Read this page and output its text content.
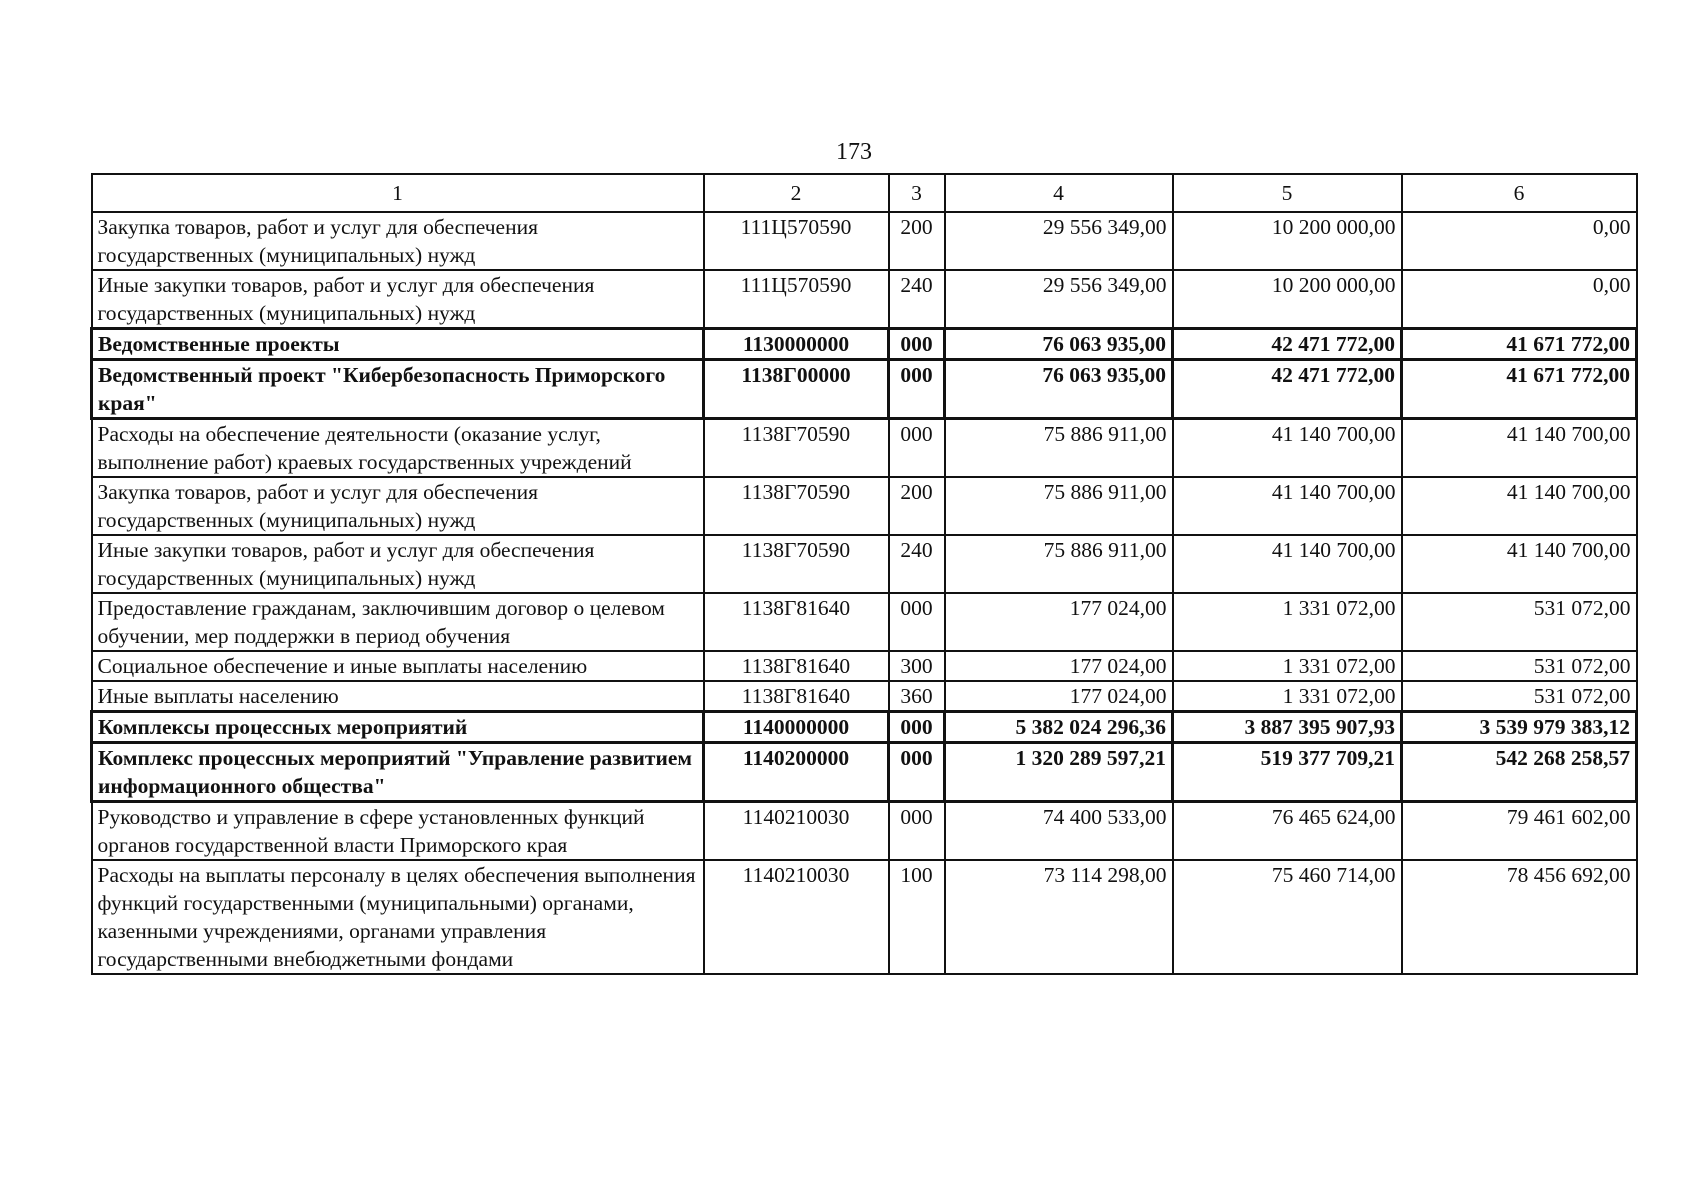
173
1	2	3	4	5	6
Закупка товаров, работ и услуг для обеспечения государственных (муниципальных) нужд	111Ц570590	200	29 556 349,00	10 200 000,00	0,00
Иные закупки товаров, работ и услуг для обеспечения государственных (муниципальных) нужд	111Ц570590	240	29 556 349,00	10 200 000,00	0,00
Ведомственные проекты	1130000000	000	76 063 935,00	42 471 772,00	41 671 772,00
Ведомственный проект "Кибербезопасность Приморского края"	1138Г00000	000	76 063 935,00	42 471 772,00	41 671 772,00
Расходы на обеспечение деятельности (оказание услуг, выполнение работ) краевых государственных учреждений	1138Г70590	000	75 886 911,00	41 140 700,00	41 140 700,00
Закупка товаров, работ и услуг для обеспечения государственных (муниципальных) нужд	1138Г70590	200	75 886 911,00	41 140 700,00	41 140 700,00
Иные закупки товаров, работ и услуг для обеспечения государственных (муниципальных) нужд	1138Г70590	240	75 886 911,00	41 140 700,00	41 140 700,00
Предоставление гражданам, заключившим договор о целевом обучении, мер поддержки в период обучения	1138Г81640	000	177 024,00	1 331 072,00	531 072,00
Социальное обеспечение и иные выплаты населению	1138Г81640	300	177 024,00	1 331 072,00	531 072,00
Иные выплаты населению	1138Г81640	360	177 024,00	1 331 072,00	531 072,00
Комплексы процессных мероприятий	1140000000	000	5 382 024 296,36	3 887 395 907,93	3 539 979 383,12
Комплекс процессных мероприятий "Управление развитием информационного общества"	1140200000	000	1 320 289 597,21	519 377 709,21	542 268 258,57
Руководство и управление в сфере установленных функций органов государственной власти Приморского края	1140210030	000	74 400 533,00	76 465 624,00	79 461 602,00
Расходы на выплаты персоналу в целях обеспечения выполнения функций государственными (муниципальными) органами, казенными учреждениями, органами управления государственными внебюджетными фондами	1140210030	100	73 114 298,00	75 460 714,00	78 456 692,00
